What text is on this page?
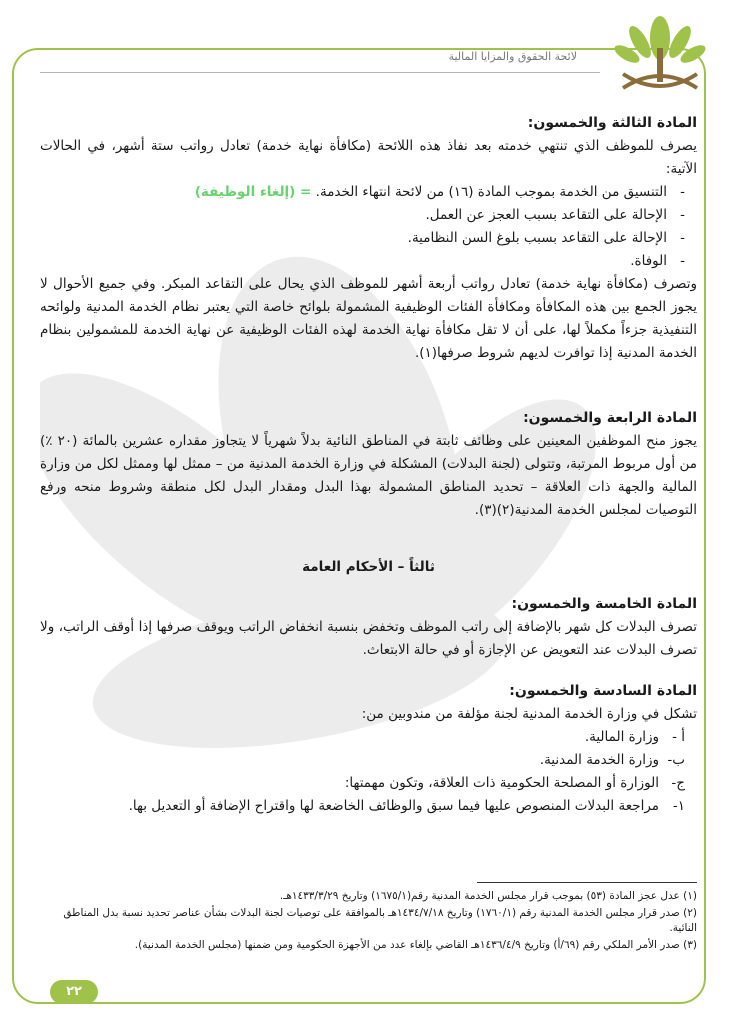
لائحة الحقوق والمزايا المالية
المادة الثالثة والخمسون:

يصرف للموظف الذي تنتهي خدمته بعد نفاذ هذه اللائحة (مكافأة نهاية خدمة) تعادل رواتب ستة أشهر، في الحالات الآتية:

- التنسيق من الخدمة بموجب المادة (١٦) من لائحة انتهاء الخدمة. = (إلغاء الوظيفة)
- الإحالة على التقاعد بسبب العجز عن العمل.
- الإحالة على التقاعد بسبب بلوغ السن النظامية.
- الوفاة.

وتصرف (مكافأة نهاية خدمة) تعادل رواتب أربعة أشهر للموظف الذي يحال على التقاعد المبكر. وفي جميع الأحوال لا يجوز الجمع بين هذه المكافأة ومكافأة الفئات الوظيفية المشمولة بلوائح خاصة التي يعتبر نظام الخدمة المدنية ولوائحه التنفيذية جزءاً مكملاً لها، على أن لا تقل مكافأة نهاية الخدمة لهذه الفئات الوظيفية عن نهاية الخدمة للمشمولين بنظام الخدمة المدنية إذا توافرت لديهم شروط صرفها(١).

المادة الرابعة والخمسون:

يجوز منح الموظفين المعينين على وظائف ثابتة في المناطق النائية بدلاً شهرياً لا يتجاوز مقداره عشرين بالمائة (٢٠ ٪) من أول مربوط المرتبة، وتتولى (لجنة البدلات) المشكلة في وزارة الخدمة المدنية من – ممثل لها وممثل لكل من وزارة المالية والجهة ذات العلاقة – تحديد المناطق المشمولة بهذا البدل ومقدار البدل لكل منطقة وشروط منحه ورفع التوصيات لمجلس الخدمة المدنية(٢)(٣).

ثالثاً – الأحكام العامة

المادة الخامسة والخمسون:

تصرف البدلات كل شهر بالإضافة إلى راتب الموظف وتخفض بنسبة انخفاض الراتب ويوقف صرفها إذا أوقف الراتب، ولا تصرف البدلات عند التعويض عن الإجازة أو في حالة الابتعاث.

المادة السادسة والخمسون:

تشكل في وزارة الخدمة المدنية لجنة مؤلفة من مندوبين من:

أ -
وزارة المالية.
ب-
وزارة الخدمة المدنية.
ج-
الوزارة أو المصلحة الحكومية ذات العلاقة، وتكون مهمتها:
١-
مراجعة البدلات المنصوص عليها فيما سبق والوظائف الخاضعة لها واقتراح الإضافة أو التعديل بها.

(١) عدل عجز المادة (٥٣) بموجب قرار مجلس الخدمة المدنية رقم(١٦٧٥/١) وتاريخ ١٤٣٣/٣/٢٩هـ.

(٢) صدر قرار مجلس الخدمة المدنية رقم (١٧٦٠/١) وتاريخ ١٤٣٤/٧/١٨هـ بالموافقة على توصيات لجنة البدلات بشأن عناصر تحديد نسبة بدل المناطق النائية.

(٣) صدر الأمر الملكي رقم (٦٩/أ) وتاريخ ١٤٣٦/٤/٩هـ القاضي بإلغاء عدد من الأجهزة الحكومية ومن ضمنها (مجلس الخدمة المدنية).

٢٢
